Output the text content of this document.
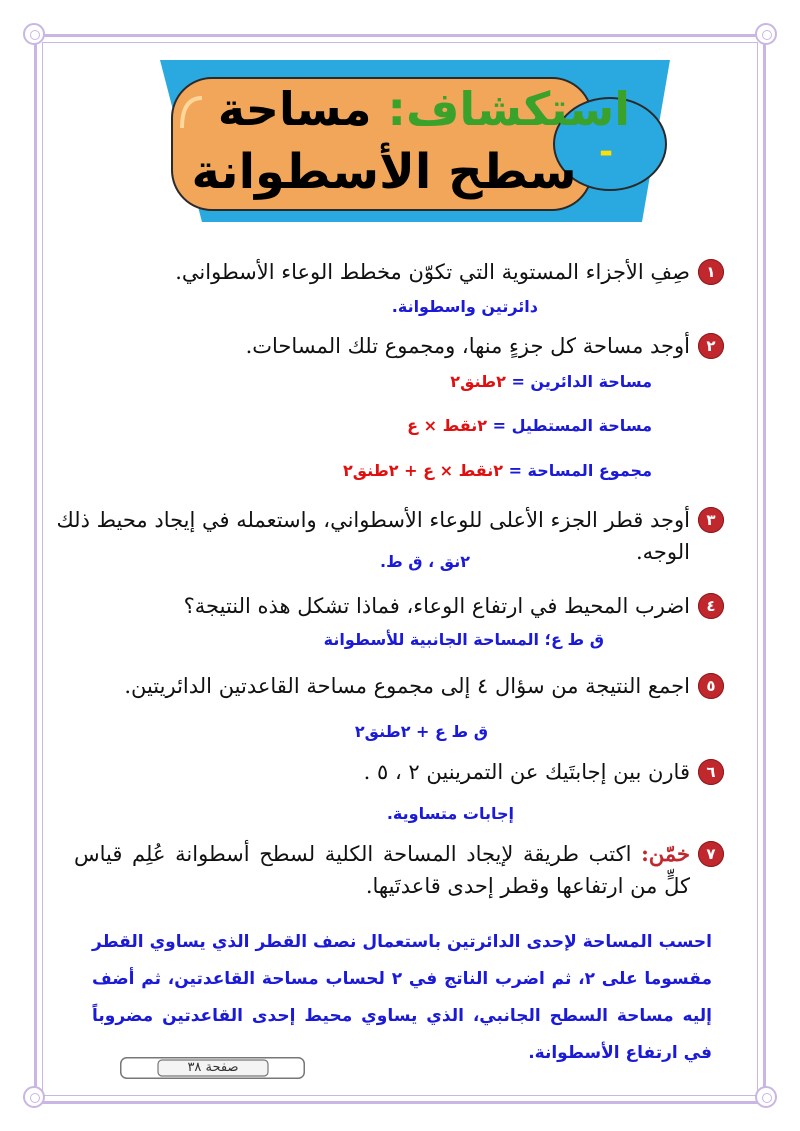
استكشاف: مساحة
سطح الأسطوانة -
١
صِفِ الأجزاء المستوية التي تكوّن مخطط الوعاء الأسطواني.
دائرتين واسطوانة.
٢
أوجد مساحة كل جزءٍ منها، ومجموع تلك المساحات.
مساحة الدائرين = ٢طنق٢
مساحة المستطيل = ٢نقط × ع
مجموع المساحة = ٢نقط × ع + ٢طنق٢
٣
أوجد قطر الجزء الأعلى للوعاء الأسطواني، واستعمله في إيجاد محيط ذلك الوجه.
٢نق ، ق ط.
٤
اضرب المحيط في ارتفاع الوعاء، فماذا تشكل هذه النتيجة؟
ق ط ع؛ المساحة الجانبية للأسطوانة
٥
اجمع النتيجة من سؤال ٤ إلى مجموع مساحة القاعدتين الدائريتين.
ق ط ع + ٢طنق٢
٦
قارن بين إجابتَيك عن التمرينين ٢ ، ٥ .
إجابات متساوية.
٧
خمّن: اكتب طريقة لإيجاد المساحة الكلية لسطح أسطوانة عُلِم قياس كلٍّ من ارتفاعها وقطر إحدى قاعدتَيها.
احسب المساحة لإحدى الدائرتين باستعمال نصف القطر الذي يساوي القطر مقسوما على ٢، ثم اضرب الناتج في ٢ لحساب مساحة القاعدتين، ثم أضف إليه مساحة السطح الجانبي، الذي يساوي محيط إحدى القاعدتين مضروباً في ارتفاع الأسطوانة.
صفحة ٣٨
